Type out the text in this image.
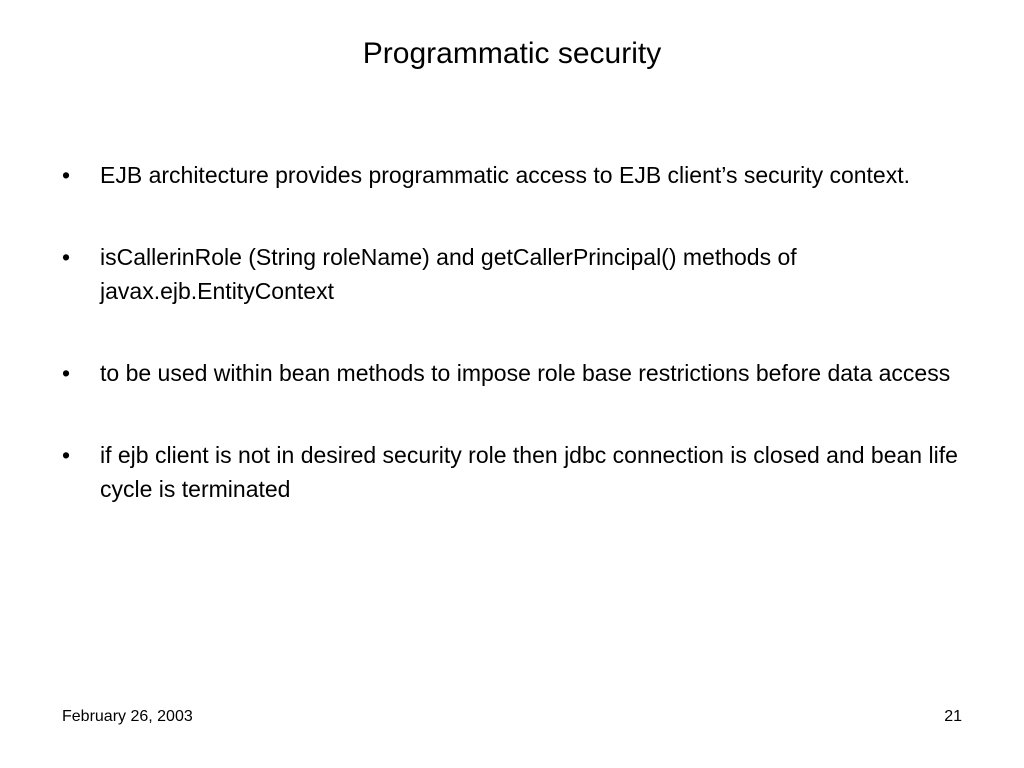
Programmatic security
• EJB architecture provides programmatic access to EJB client’s security context.
• isCallerinRole (String roleName) and getCallerPrincipal() methods of javax.ejb.EntityContext
• to be used within bean methods to impose role base restrictions before data access
• if ejb client is not in desired security role then jdbc connection is closed and bean life cycle is terminated
February 26, 2003	21
